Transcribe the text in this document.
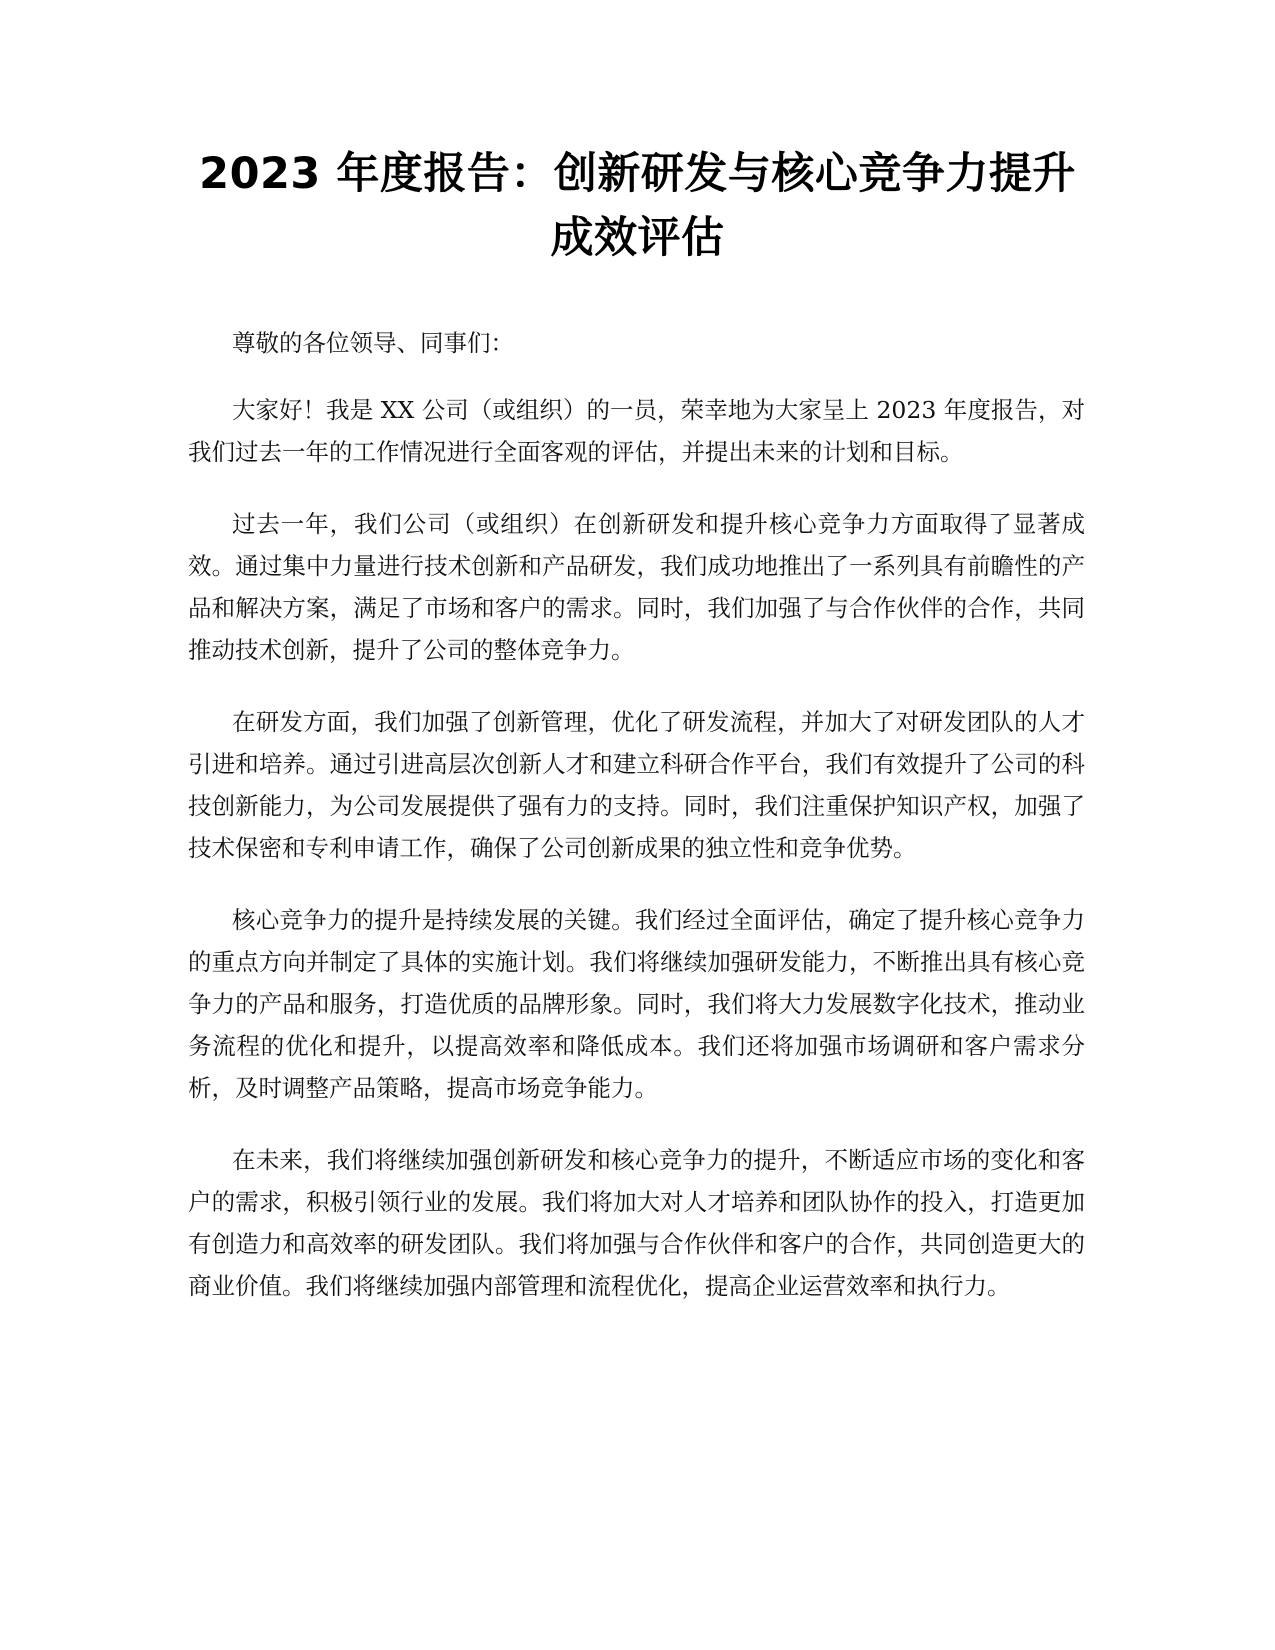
2023 年度报告：创新研发与核心竞争力提升成效评估

尊敬的各位领导、同事们：

大家好！我是 XX 公司（或组织）的一员，荣幸地为大家呈上 2023 年度报告，对我们过去一年的工作情况进行全面客观的评估，并提出未来的计划和目标。

过去一年，我们公司（或组织）在创新研发和提升核心竞争力方面取得了显著成效。通过集中力量进行技术创新和产品研发，我们成功地推出了一系列具有前瞻性的产品和解决方案，满足了市场和客户的需求。同时，我们加强了与合作伙伴的合作，共同推动技术创新，提升了公司的整体竞争力。

在研发方面，我们加强了创新管理，优化了研发流程，并加大了对研发团队的人才引进和培养。通过引进高层次创新人才和建立科研合作平台，我们有效提升了公司的科技创新能力，为公司发展提供了强有力的支持。同时，我们注重保护知识产权，加强了技术保密和专利申请工作，确保了公司创新成果的独立性和竞争优势。

核心竞争力的提升是持续发展的关键。我们经过全面评估，确定了提升核心竞争力的重点方向并制定了具体的实施计划。我们将继续加强研发能力，不断推出具有核心竞争力的产品和服务，打造优质的品牌形象。同时，我们将大力发展数字化技术，推动业务流程的优化和提升，以提高效率和降低成本。我们还将加强市场调研和客户需求分析，及时调整产品策略，提高市场竞争能力。

在未来，我们将继续加强创新研发和核心竞争力的提升，不断适应市场的变化和客户的需求，积极引领行业的发展。我们将加大对人才培养和团队协作的投入，打造更加有创造力和高效率的研发团队。我们将加强与合作伙伴和客户的合作，共同创造更大的商业价值。我们将继续加强内部管理和流程优化，提高企业运营效率和执行力。
